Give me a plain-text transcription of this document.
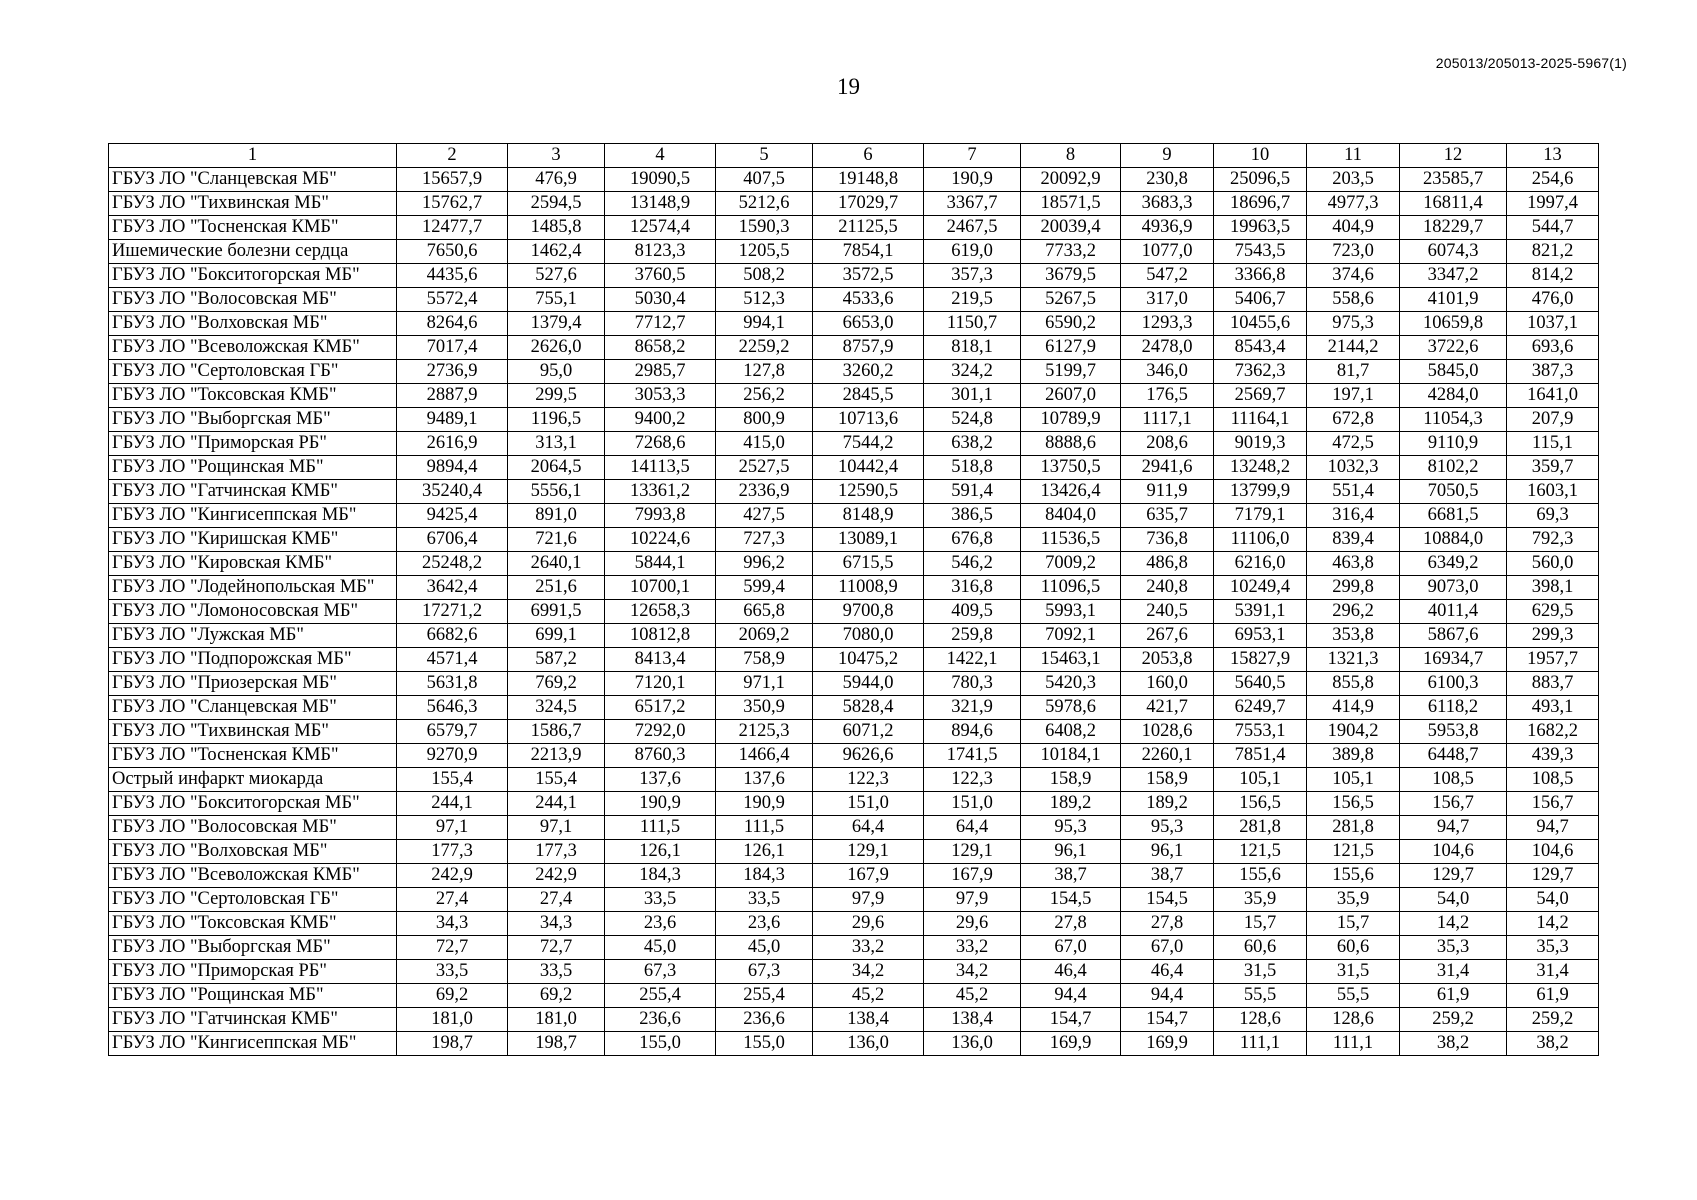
205013/205013-2025-5967(1)
19
1	2	3	4	5	6	7	8	9	10	11	12	13
ГБУЗ ЛО "Сланцевская МБ"	15657,9	476,9	19090,5	407,5	19148,8	190,9	20092,9	230,8	25096,5	203,5	23585,7	254,6
ГБУЗ ЛО "Тихвинская МБ"	15762,7	2594,5	13148,9	5212,6	17029,7	3367,7	18571,5	3683,3	18696,7	4977,3	16811,4	1997,4
ГБУЗ ЛО "Тосненская КМБ"	12477,7	1485,8	12574,4	1590,3	21125,5	2467,5	20039,4	4936,9	19963,5	404,9	18229,7	544,7
Ишемические болезни сердца	7650,6	1462,4	8123,3	1205,5	7854,1	619,0	7733,2	1077,0	7543,5	723,0	6074,3	821,2
ГБУЗ ЛО "Бокситогорская МБ"	4435,6	527,6	3760,5	508,2	3572,5	357,3	3679,5	547,2	3366,8	374,6	3347,2	814,2
ГБУЗ ЛО "Волосовская МБ"	5572,4	755,1	5030,4	512,3	4533,6	219,5	5267,5	317,0	5406,7	558,6	4101,9	476,0
ГБУЗ ЛО "Волховская МБ"	8264,6	1379,4	7712,7	994,1	6653,0	1150,7	6590,2	1293,3	10455,6	975,3	10659,8	1037,1
ГБУЗ ЛО "Всеволожская КМБ"	7017,4	2626,0	8658,2	2259,2	8757,9	818,1	6127,9	2478,0	8543,4	2144,2	3722,6	693,6
ГБУЗ ЛО "Сертоловская ГБ"	2736,9	95,0	2985,7	127,8	3260,2	324,2	5199,7	346,0	7362,3	81,7	5845,0	387,3
ГБУЗ ЛО "Токсовская КМБ"	2887,9	299,5	3053,3	256,2	2845,5	301,1	2607,0	176,5	2569,7	197,1	4284,0	1641,0
ГБУЗ ЛО "Выборгская МБ"	9489,1	1196,5	9400,2	800,9	10713,6	524,8	10789,9	1117,1	11164,1	672,8	11054,3	207,9
ГБУЗ ЛО "Приморская РБ"	2616,9	313,1	7268,6	415,0	7544,2	638,2	8888,6	208,6	9019,3	472,5	9110,9	115,1
ГБУЗ ЛО "Рощинская МБ"	9894,4	2064,5	14113,5	2527,5	10442,4	518,8	13750,5	2941,6	13248,2	1032,3	8102,2	359,7
ГБУЗ ЛО "Гатчинская КМБ"	35240,4	5556,1	13361,2	2336,9	12590,5	591,4	13426,4	911,9	13799,9	551,4	7050,5	1603,1
ГБУЗ ЛО "Кингисеппская МБ"	9425,4	891,0	7993,8	427,5	8148,9	386,5	8404,0	635,7	7179,1	316,4	6681,5	69,3
ГБУЗ ЛО "Киришская КМБ"	6706,4	721,6	10224,6	727,3	13089,1	676,8	11536,5	736,8	11106,0	839,4	10884,0	792,3
ГБУЗ ЛО "Кировская КМБ"	25248,2	2640,1	5844,1	996,2	6715,5	546,2	7009,2	486,8	6216,0	463,8	6349,2	560,0
ГБУЗ ЛО "Лодейнопольская МБ"	3642,4	251,6	10700,1	599,4	11008,9	316,8	11096,5	240,8	10249,4	299,8	9073,0	398,1
ГБУЗ ЛО "Ломоносовская МБ"	17271,2	6991,5	12658,3	665,8	9700,8	409,5	5993,1	240,5	5391,1	296,2	4011,4	629,5
ГБУЗ ЛО "Лужская МБ"	6682,6	699,1	10812,8	2069,2	7080,0	259,8	7092,1	267,6	6953,1	353,8	5867,6	299,3
ГБУЗ ЛО "Подпорожская МБ"	4571,4	587,2	8413,4	758,9	10475,2	1422,1	15463,1	2053,8	15827,9	1321,3	16934,7	1957,7
ГБУЗ ЛО "Приозерская МБ"	5631,8	769,2	7120,1	971,1	5944,0	780,3	5420,3	160,0	5640,5	855,8	6100,3	883,7
ГБУЗ ЛО "Сланцевская МБ"	5646,3	324,5	6517,2	350,9	5828,4	321,9	5978,6	421,7	6249,7	414,9	6118,2	493,1
ГБУЗ ЛО "Тихвинская МБ"	6579,7	1586,7	7292,0	2125,3	6071,2	894,6	6408,2	1028,6	7553,1	1904,2	5953,8	1682,2
ГБУЗ ЛО "Тосненская КМБ"	9270,9	2213,9	8760,3	1466,4	9626,6	1741,5	10184,1	2260,1	7851,4	389,8	6448,7	439,3
Острый инфаркт миокарда	155,4	155,4	137,6	137,6	122,3	122,3	158,9	158,9	105,1	105,1	108,5	108,5
ГБУЗ ЛО "Бокситогорская МБ"	244,1	244,1	190,9	190,9	151,0	151,0	189,2	189,2	156,5	156,5	156,7	156,7
ГБУЗ ЛО "Волосовская МБ"	97,1	97,1	111,5	111,5	64,4	64,4	95,3	95,3	281,8	281,8	94,7	94,7
ГБУЗ ЛО "Волховская МБ"	177,3	177,3	126,1	126,1	129,1	129,1	96,1	96,1	121,5	121,5	104,6	104,6
ГБУЗ ЛО "Всеволожская КМБ"	242,9	242,9	184,3	184,3	167,9	167,9	38,7	38,7	155,6	155,6	129,7	129,7
ГБУЗ ЛО "Сертоловская ГБ"	27,4	27,4	33,5	33,5	97,9	97,9	154,5	154,5	35,9	35,9	54,0	54,0
ГБУЗ ЛО "Токсовская КМБ"	34,3	34,3	23,6	23,6	29,6	29,6	27,8	27,8	15,7	15,7	14,2	14,2
ГБУЗ ЛО "Выборгская МБ"	72,7	72,7	45,0	45,0	33,2	33,2	67,0	67,0	60,6	60,6	35,3	35,3
ГБУЗ ЛО "Приморская РБ"	33,5	33,5	67,3	67,3	34,2	34,2	46,4	46,4	31,5	31,5	31,4	31,4
ГБУЗ ЛО "Рощинская МБ"	69,2	69,2	255,4	255,4	45,2	45,2	94,4	94,4	55,5	55,5	61,9	61,9
ГБУЗ ЛО "Гатчинская КМБ"	181,0	181,0	236,6	236,6	138,4	138,4	154,7	154,7	128,6	128,6	259,2	259,2
ГБУЗ ЛО "Кингисеппская МБ"	198,7	198,7	155,0	155,0	136,0	136,0	169,9	169,9	111,1	111,1	38,2	38,2
